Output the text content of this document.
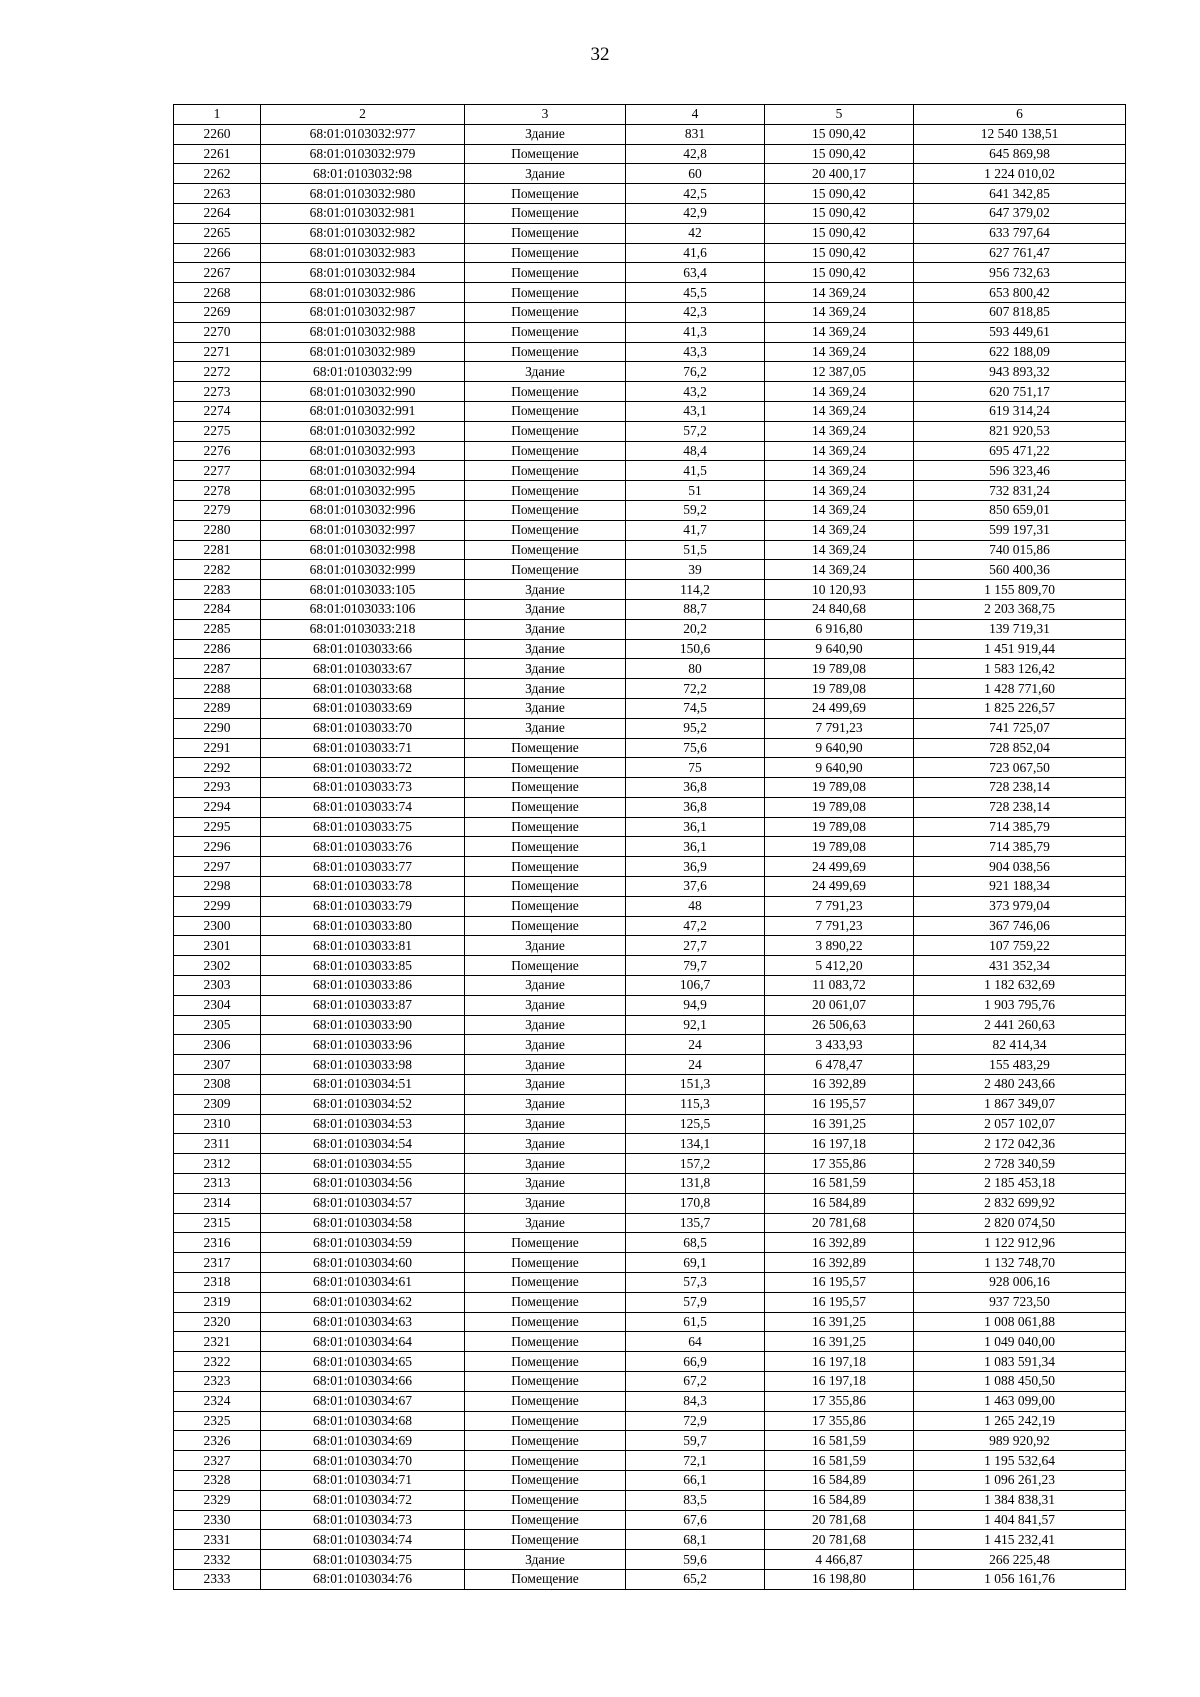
32
1	2	3	4	5	6
2260	68:01:0103032:977	Здание	831	15 090,42	12 540 138,51
2261	68:01:0103032:979	Помещение	42,8	15 090,42	645 869,98
2262	68:01:0103032:98	Здание	60	20 400,17	1 224 010,02
2263	68:01:0103032:980	Помещение	42,5	15 090,42	641 342,85
2264	68:01:0103032:981	Помещение	42,9	15 090,42	647 379,02
2265	68:01:0103032:982	Помещение	42	15 090,42	633 797,64
2266	68:01:0103032:983	Помещение	41,6	15 090,42	627 761,47
2267	68:01:0103032:984	Помещение	63,4	15 090,42	956 732,63
2268	68:01:0103032:986	Помещение	45,5	14 369,24	653 800,42
2269	68:01:0103032:987	Помещение	42,3	14 369,24	607 818,85
2270	68:01:0103032:988	Помещение	41,3	14 369,24	593 449,61
2271	68:01:0103032:989	Помещение	43,3	14 369,24	622 188,09
2272	68:01:0103032:99	Здание	76,2	12 387,05	943 893,32
2273	68:01:0103032:990	Помещение	43,2	14 369,24	620 751,17
2274	68:01:0103032:991	Помещение	43,1	14 369,24	619 314,24
2275	68:01:0103032:992	Помещение	57,2	14 369,24	821 920,53
2276	68:01:0103032:993	Помещение	48,4	14 369,24	695 471,22
2277	68:01:0103032:994	Помещение	41,5	14 369,24	596 323,46
2278	68:01:0103032:995	Помещение	51	14 369,24	732 831,24
2279	68:01:0103032:996	Помещение	59,2	14 369,24	850 659,01
2280	68:01:0103032:997	Помещение	41,7	14 369,24	599 197,31
2281	68:01:0103032:998	Помещение	51,5	14 369,24	740 015,86
2282	68:01:0103032:999	Помещение	39	14 369,24	560 400,36
2283	68:01:0103033:105	Здание	114,2	10 120,93	1 155 809,70
2284	68:01:0103033:106	Здание	88,7	24 840,68	2 203 368,75
2285	68:01:0103033:218	Здание	20,2	6 916,80	139 719,31
2286	68:01:0103033:66	Здание	150,6	9 640,90	1 451 919,44
2287	68:01:0103033:67	Здание	80	19 789,08	1 583 126,42
2288	68:01:0103033:68	Здание	72,2	19 789,08	1 428 771,60
2289	68:01:0103033:69	Здание	74,5	24 499,69	1 825 226,57
2290	68:01:0103033:70	Здание	95,2	7 791,23	741 725,07
2291	68:01:0103033:71	Помещение	75,6	9 640,90	728 852,04
2292	68:01:0103033:72	Помещение	75	9 640,90	723 067,50
2293	68:01:0103033:73	Помещение	36,8	19 789,08	728 238,14
2294	68:01:0103033:74	Помещение	36,8	19 789,08	728 238,14
2295	68:01:0103033:75	Помещение	36,1	19 789,08	714 385,79
2296	68:01:0103033:76	Помещение	36,1	19 789,08	714 385,79
2297	68:01:0103033:77	Помещение	36,9	24 499,69	904 038,56
2298	68:01:0103033:78	Помещение	37,6	24 499,69	921 188,34
2299	68:01:0103033:79	Помещение	48	7 791,23	373 979,04
2300	68:01:0103033:80	Помещение	47,2	7 791,23	367 746,06
2301	68:01:0103033:81	Здание	27,7	3 890,22	107 759,22
2302	68:01:0103033:85	Помещение	79,7	5 412,20	431 352,34
2303	68:01:0103033:86	Здание	106,7	11 083,72	1 182 632,69
2304	68:01:0103033:87	Здание	94,9	20 061,07	1 903 795,76
2305	68:01:0103033:90	Здание	92,1	26 506,63	2 441 260,63
2306	68:01:0103033:96	Здание	24	3 433,93	82 414,34
2307	68:01:0103033:98	Здание	24	6 478,47	155 483,29
2308	68:01:0103034:51	Здание	151,3	16 392,89	2 480 243,66
2309	68:01:0103034:52	Здание	115,3	16 195,57	1 867 349,07
2310	68:01:0103034:53	Здание	125,5	16 391,25	2 057 102,07
2311	68:01:0103034:54	Здание	134,1	16 197,18	2 172 042,36
2312	68:01:0103034:55	Здание	157,2	17 355,86	2 728 340,59
2313	68:01:0103034:56	Здание	131,8	16 581,59	2 185 453,18
2314	68:01:0103034:57	Здание	170,8	16 584,89	2 832 699,92
2315	68:01:0103034:58	Здание	135,7	20 781,68	2 820 074,50
2316	68:01:0103034:59	Помещение	68,5	16 392,89	1 122 912,96
2317	68:01:0103034:60	Помещение	69,1	16 392,89	1 132 748,70
2318	68:01:0103034:61	Помещение	57,3	16 195,57	928 006,16
2319	68:01:0103034:62	Помещение	57,9	16 195,57	937 723,50
2320	68:01:0103034:63	Помещение	61,5	16 391,25	1 008 061,88
2321	68:01:0103034:64	Помещение	64	16 391,25	1 049 040,00
2322	68:01:0103034:65	Помещение	66,9	16 197,18	1 083 591,34
2323	68:01:0103034:66	Помещение	67,2	16 197,18	1 088 450,50
2324	68:01:0103034:67	Помещение	84,3	17 355,86	1 463 099,00
2325	68:01:0103034:68	Помещение	72,9	17 355,86	1 265 242,19
2326	68:01:0103034:69	Помещение	59,7	16 581,59	989 920,92
2327	68:01:0103034:70	Помещение	72,1	16 581,59	1 195 532,64
2328	68:01:0103034:71	Помещение	66,1	16 584,89	1 096 261,23
2329	68:01:0103034:72	Помещение	83,5	16 584,89	1 384 838,31
2330	68:01:0103034:73	Помещение	67,6	20 781,68	1 404 841,57
2331	68:01:0103034:74	Помещение	68,1	20 781,68	1 415 232,41
2332	68:01:0103034:75	Здание	59,6	4 466,87	266 225,48
2333	68:01:0103034:76	Помещение	65,2	16 198,80	1 056 161,76
